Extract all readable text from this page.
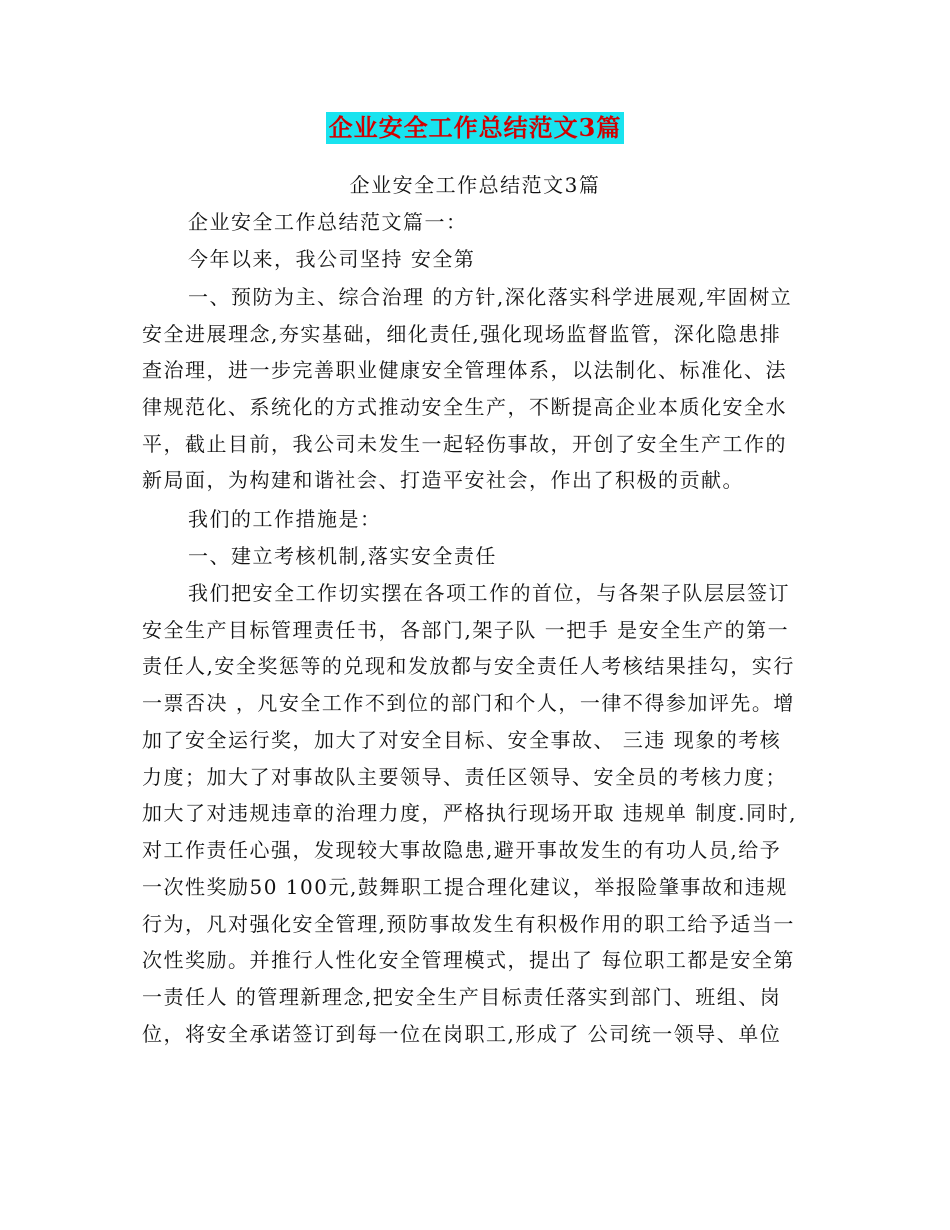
企业安全工作总结范文3篇
企业安全工作总结范文3篇
企业安全工作总结范文篇一：
今年以来，我公司坚持 安全第
一、预防为主、综合治理 的方针,深化落实科学进展观,牢固树立
安全进展理念,夯实基础，细化责任,强化现场监督监管，深化隐患排
查治理，进一步完善职业健康安全管理体系，以法制化、标准化、法
律规范化、系统化的方式推动安全生产，不断提高企业本质化安全水
平，截止目前，我公司未发生一起轻伤事故，开创了安全生产工作的
新局面，为构建和谐社会、打造平安社会，作出了积极的贡献。
我们的工作措施是：
一、建立考核机制,落实安全责任
我们把安全工作切实摆在各项工作的首位，与各架子队层层签订
安全生产目标管理责任书，各部门,架子队 一把手 是安全生产的第一
责任人,安全奖惩等的兑现和发放都与安全责任人考核结果挂勾，实行
一票否决 ，凡安全工作不到位的部门和个人，一律不得参加评先。增
加了安全运行奖，加大了对安全目标、安全事故、 三违 现象的考核
力度；加大了对事故队主要领导、责任区领导、安全员的考核力度；
加大了对违规违章的治理力度，严格执行现场开取 违规单 制度.同时,
对工作责任心强，发现较大事故隐患,避开事故发生的有功人员,给予
一次性奖励50 100元,鼓舞职工提合理化建议，举报险肇事故和违规
行为，凡对强化安全管理,预防事故发生有积极作用的职工给予适当一
次性奖励。并推行人性化安全管理模式，提出了 每位职工都是安全第
一责任人 的管理新理念,把安全生产目标责任落实到部门、班组、岗
位，将安全承诺签订到每一位在岗职工,形成了 公司统一领导、单位
